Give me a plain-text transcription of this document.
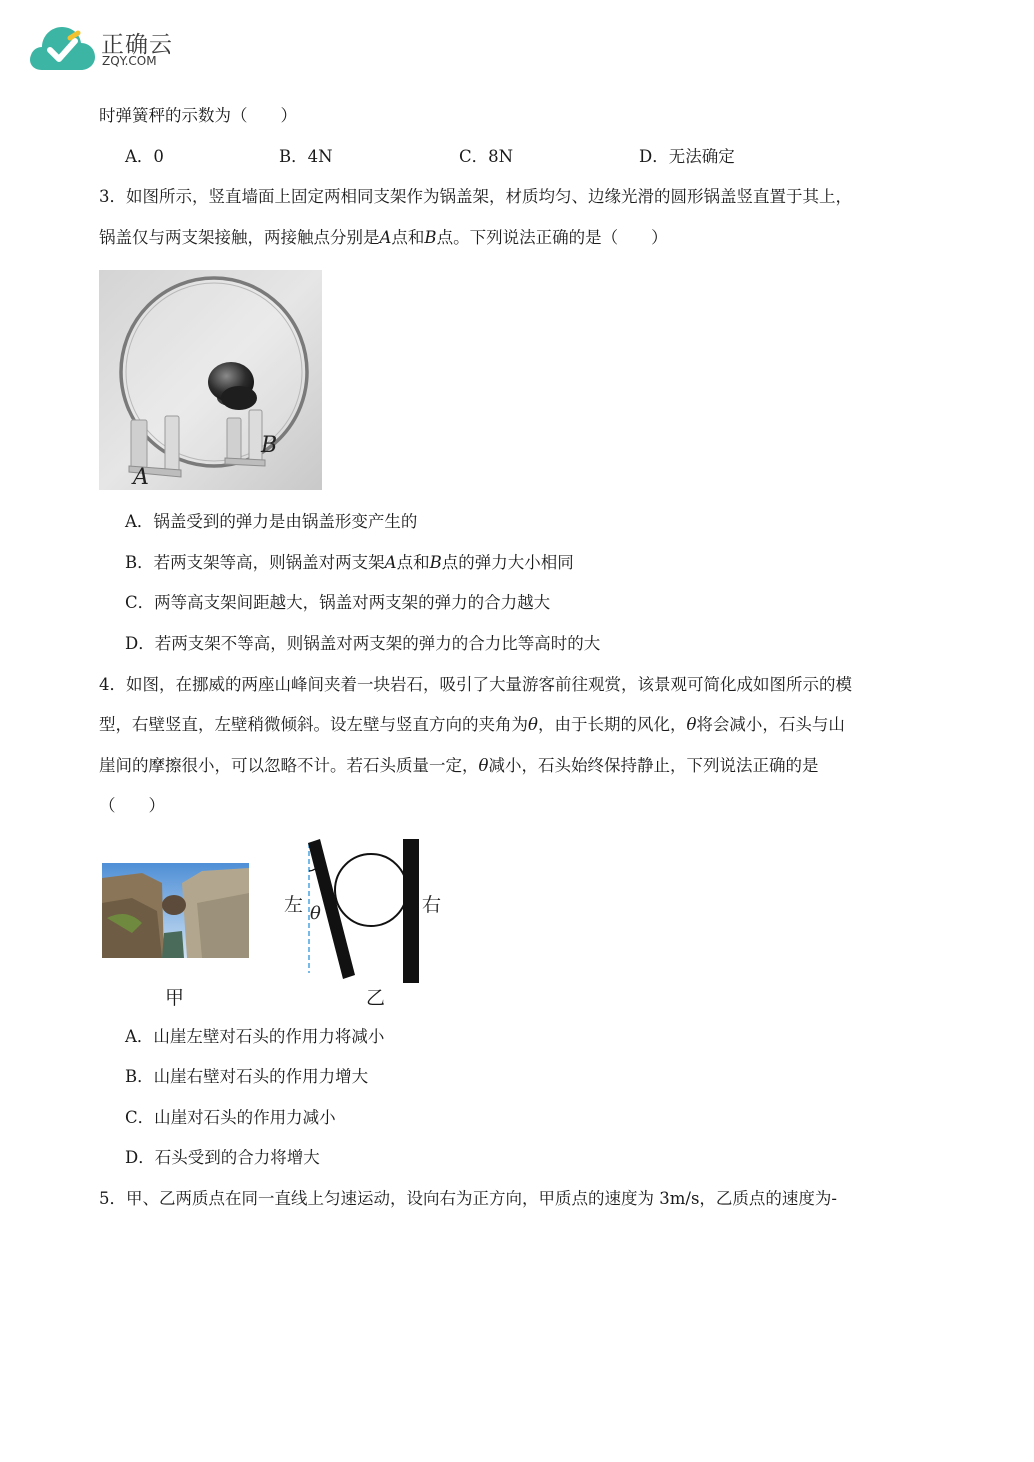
正确云
ZQY.COM
时弹簧秤的示数为（　　）
A．0	B．4N	C．8N	D．无法确定
3．如图所示，竖直墙面上固定两相同支架作为锅盖架，材质均匀、边缘光滑的圆形锅盖竖直置于其上，
锅盖仅与两支架接触，两接触点分别是A点和B点。下列说法正确的是（　　）
A
B
A．锅盖受到的弹力是由锅盖形变产生的
B．若两支架等高，则锅盖对两支架A点和B点的弹力大小相同
C．两等高支架间距越大，锅盖对两支架的弹力的合力越大
D．若两支架不等高，则锅盖对两支架的弹力的合力比等高时的大
4．如图，在挪威的两座山峰间夹着一块岩石，吸引了大量游客前往观赏，该景观可简化成如图所示的模
型，右壁竖直，左壁稍微倾斜。设左壁与竖直方向的夹角为θ，由于长期的风化，θ将会减小，石头与山
崖间的摩擦很小，可以忽略不计。若石头质量一定，θ减小，石头始终保持静止，下列说法正确的是
（　　）
左 θ	右
甲	乙
A．山崖左壁对石头的作用力将减小
B．山崖右壁对石头的作用力增大
C．山崖对石头的作用力减小
D．石头受到的合力将增大
5．甲、乙两质点在同一直线上匀速运动，设向右为正方向，甲质点的速度为 3m/s，乙质点的速度为-
